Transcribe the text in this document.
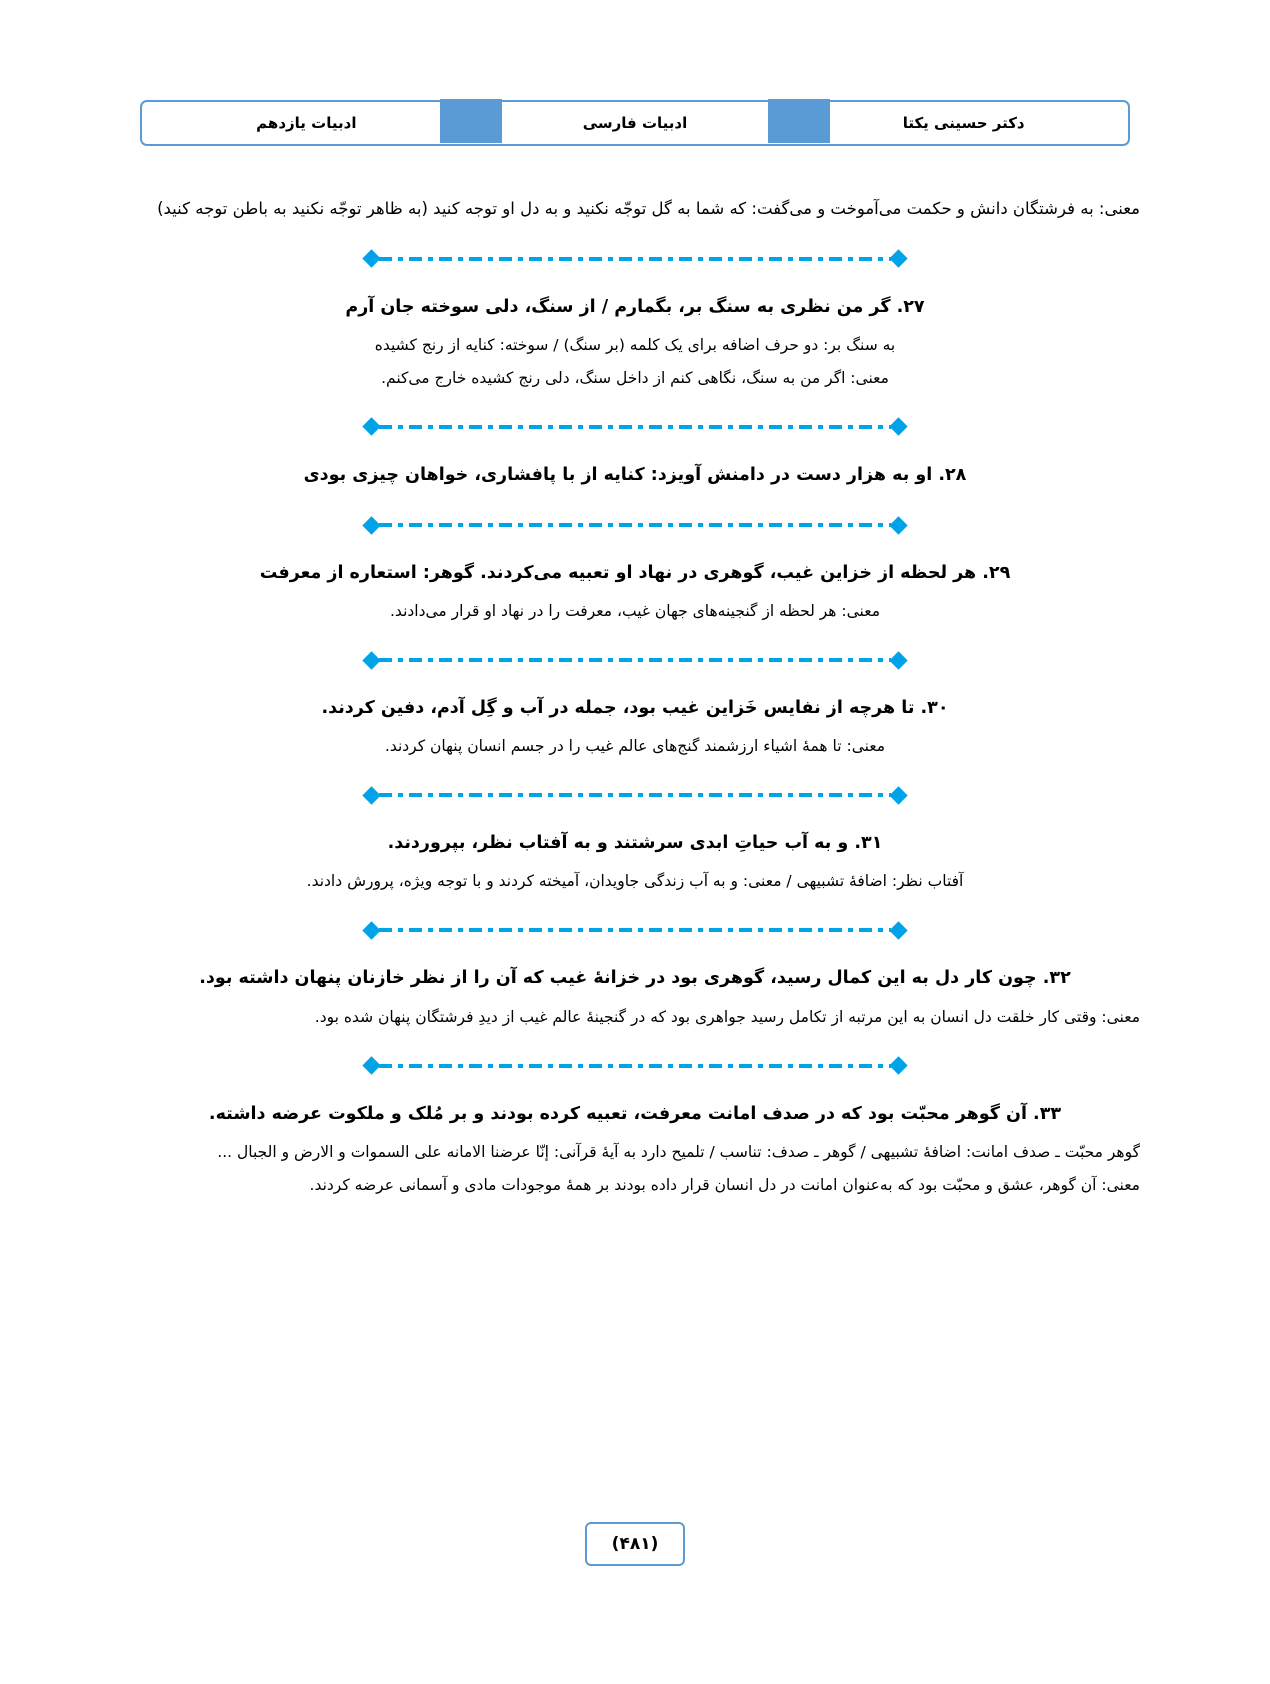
دکتر حسینی یکتا
ادبیات فارسی
ادبیات یازدهم

معنی: به فرشتگان دانش و حکمت می‌آموخت و می‌گفت: که شما به گل توجّه نکنید و به دل او توجه کنید (به ظاهر توجّه نکنید به باطن توجه کنید)

۲۷. گر من نظری به سنگ بر، بگمارم / از سنگ، دلی سوخته جان آرم

به سنگ بر: دو حرف اضافه برای یک کلمه (بر سنگ) / سوخته: کنایه از رنج کشیده

معنی: اگر من به سنگ، نگاهی کنم از داخل سنگ، دلی رنج کشیده خارج می‌کنم.

۲۸. او به هزار دست در دامنش آویزد: کنایه از با پافشاری، خواهان چیزی بودی

۲۹. هر لحظه از خزاین غیب، گوهری در نهاد او تعبیه می‌کردند. گوهر: استعاره از معرفت

معنی: هر لحظه از گنجینه‌های جهان غیب، معرفت را در نهاد او قرار می‌دادند.

۳۰. تا هرچه از نفایس خَزاین غیب بود، جمله در آب و گِل آدم، دفین کردند.

معنی: تا همهٔ اشیاء ارزشمند گنج‌های عالم غیب را در جسم انسان پنهان کردند.

۳۱. و به آب حیاتِ ابدی سرشتند و به آفتاب نظر، بپروردند.

آفتاب نظر: اضافهٔ تشبیهی / معنی: و به آب زندگی جاویدان، آمیخته کردند و با توجه ویژه، پرورش دادند.

۳۲. چون کار دل به این کمال رسید، گوهری بود در خزانهٔ غیب که آن را از نظر خازنان پنهان داشته بود.

معنی: وقتی کار خلقت دل انسان به این مرتبه از تکامل رسید جواهری بود که در گنجینهٔ عالم غیب از دیدِ فرشتگان پنهان شده بود.

۳۳. آن گوهر محبّت بود که در صدف امانت معرفت، تعبیه کرده بودند و بر مُلک و ملکوت عرضه داشته.

گوهر محبّت ـ صدف امانت: اضافهٔ تشبیهی / گوهر ـ صدف: تناسب / تلمیح دارد به آیهٔ قرآنی: إنّا عرضنا الامانه علی السموات و الارض و الجبال ...

معنی: آن گوهر، عشق و محبّت بود که به‌عنوان امانت در دل انسان قرار داده بودند بر همهٔ موجودات مادی و آسمانی عرضه کردند.

(۴۸۱)
